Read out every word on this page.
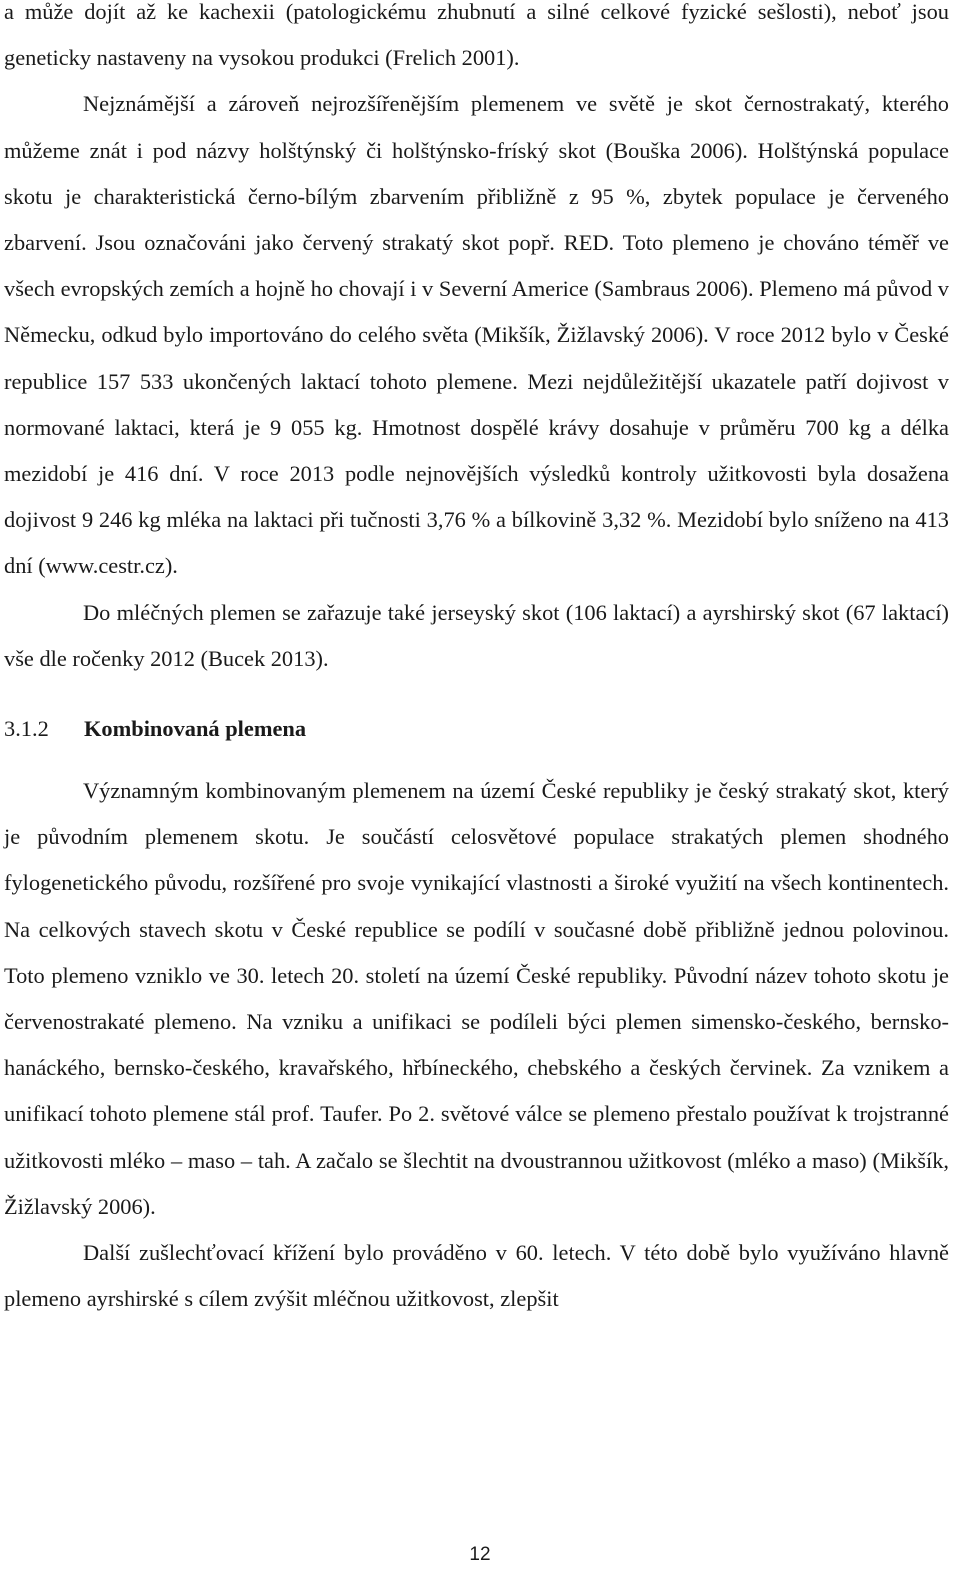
a může dojít až ke kachexii (patologickému zhubnutí a silné celkové fyzické sešlosti), neboť jsou geneticky nastaveny na vysokou produkci (Frelich 2001).

Nejznámější a zároveň nejrozšířenějším plemenem ve světě je skot černostrakatý, kterého můžeme znát i pod názvy holštýnský či holštýnsko-fríský skot (Bouška 2006). Holštýnská populace skotu je charakteristická černo-bílým zbarvením přibližně z 95 %, zbytek populace je červeného zbarvení. Jsou označováni jako červený strakatý skot popř. RED. Toto plemeno je chováno téměř ve všech evropských zemích a hojně ho chovají i v Severní Americe (Sambraus 2006). Plemeno má původ v Německu, odkud bylo importováno do celého světa (Mikšík, Žižlavský 2006). V roce 2012 bylo v České republice 157 533 ukončených laktací tohoto plemene. Mezi nejdůležitější ukazatele patří dojivost v normované laktaci, která je 9 055 kg. Hmotnost dospělé krávy dosahuje v průměru 700 kg a délka mezidobí je 416 dní. V roce 2013 podle nejnovějších výsledků kontroly užitkovosti byla dosažena dojivost 9 246 kg mléka na laktaci při tučnosti 3,76 % a bílkovině 3,32 %. Mezidobí bylo sníženo na 413 dní (www.cestr.cz).

Do mléčných plemen se zařazuje také jerseyský skot (106 laktací) a ayrshirský skot (67 laktací) vše dle ročenky 2012 (Bucek 2013).

3.1.2 Kombinovaná plemena

Významným kombinovaným plemenem na území České republiky je český strakatý skot, který je původním plemenem skotu. Je součástí celosvětové populace strakatých plemen shodného fylogenetického původu, rozšířené pro svoje vynikající vlastnosti a široké využití na všech kontinentech. Na celkových stavech skotu v České republice se podílí v současné době přibližně jednou polovinou. Toto plemeno vzniklo ve 30. letech 20. století na území České republiky. Původní název tohoto skotu je červenostrakaté plemeno. Na vzniku a unifikaci se podíleli býci plemen simensko-českého, bernsko-hanáckého, bernsko-českého, kravařského, hřbíneckého, chebského a českých červinek. Za vznikem a unifikací tohoto plemene stál prof. Taufer. Po 2. světové válce se plemeno přestalo používat k trojstranné užitkovosti mléko – maso – tah. A začalo se šlechtit na dvoustrannou užitkovost (mléko a maso) (Mikšík, Žižlavský 2006).

Další zušlechťovací křížení bylo prováděno v 60. letech. V této době bylo využíváno hlavně plemeno ayrshirské s cílem zvýšit mléčnou užitkovost, zlepšit

12
